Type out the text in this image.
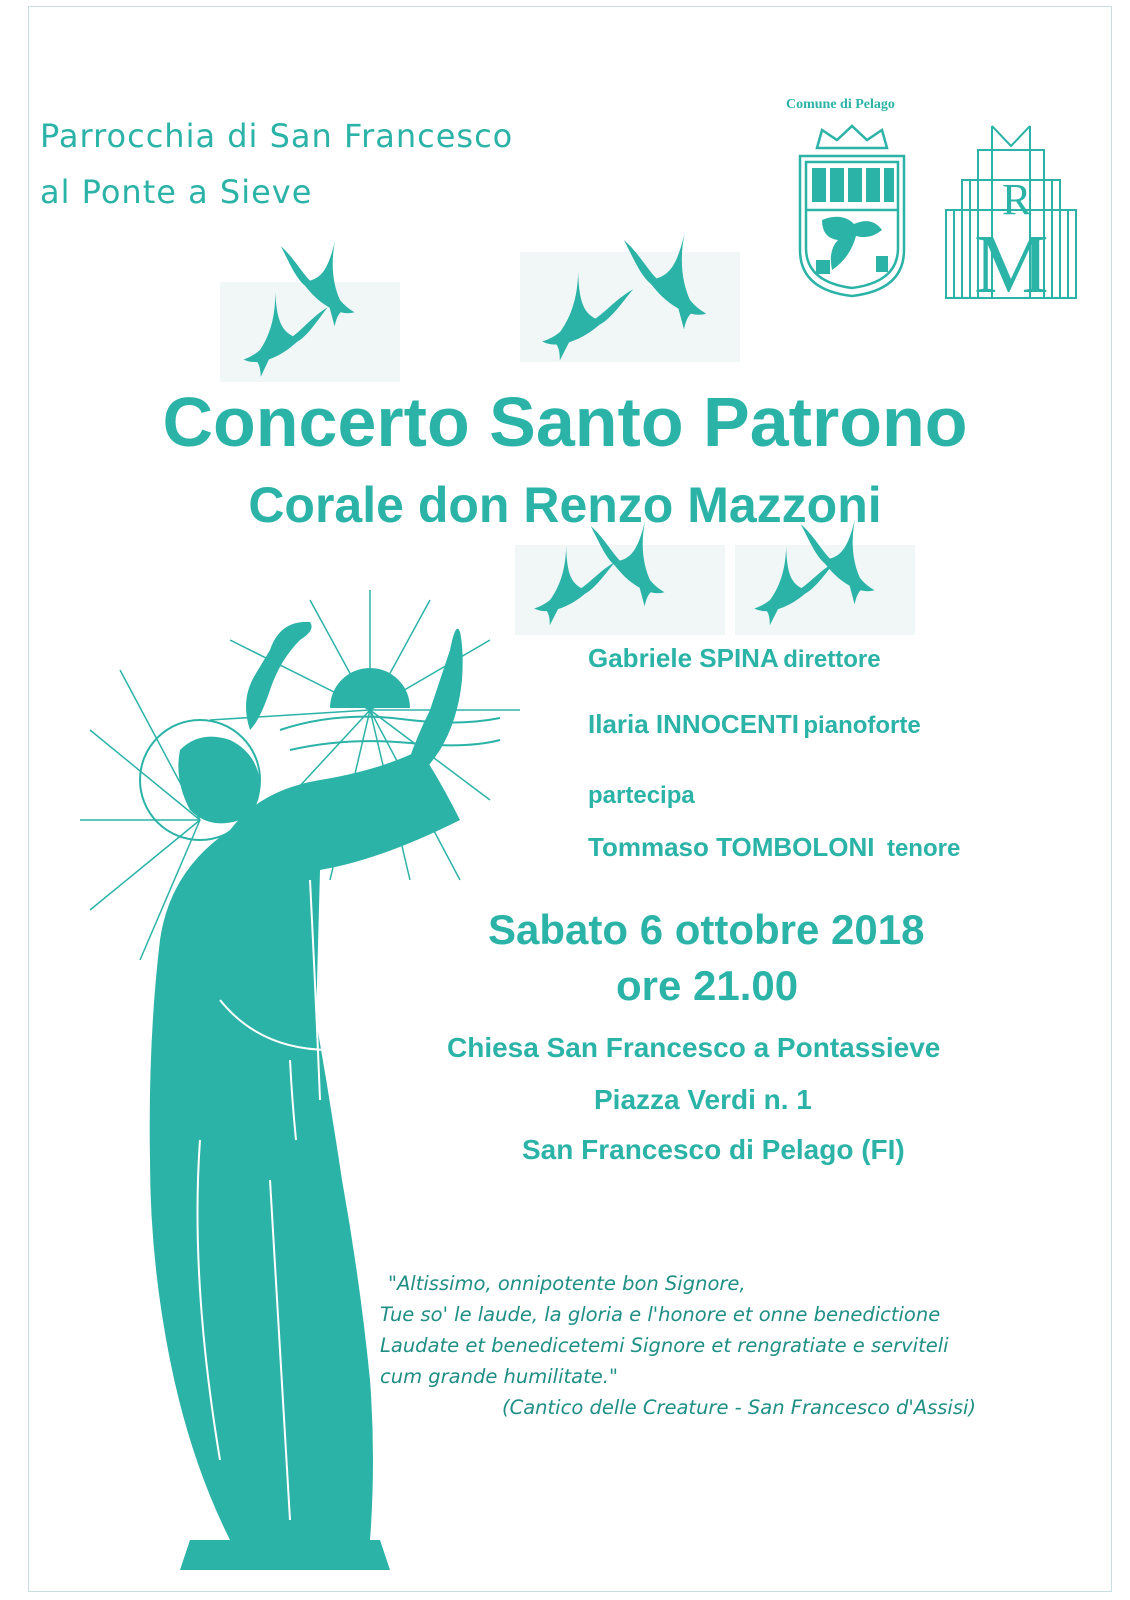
Parrocchia di San Francesco
al Ponte a Sieve
Comune di Pelago
R
M
Concerto Santo Patrono
Corale don Renzo Mazzoni
Gabriele SPINA direttore
Ilaria INNOCENTI pianoforte
partecipa
Tommaso TOMBOLONI tenore
Sabato 6 ottobre 2018
ore 21.00
Chiesa San Francesco a Pontassieve
Piazza Verdi n. 1
San Francesco di Pelago (FI)
"Altissimo, onnipotente bon Signore,
Tue so' le laude, la gloria e l'honore et onne benedictione
Laudate et benedicetemi Signore et rengratiate e serviteli
cum grande humilitate."
(Cantico delle Creature - San Francesco d'Assisi)
